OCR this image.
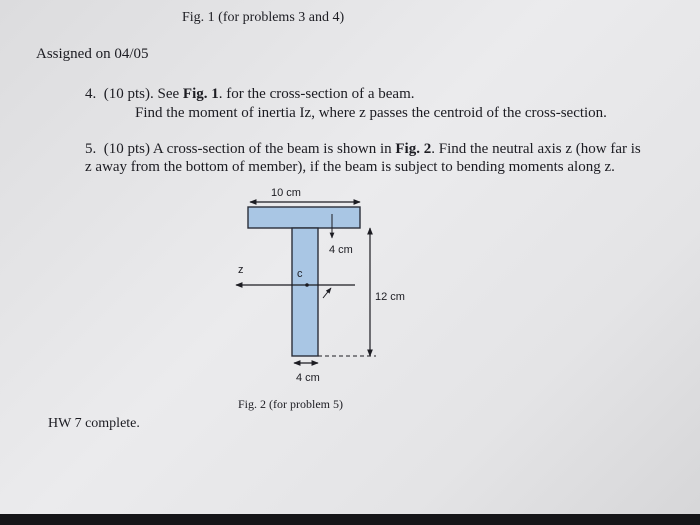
Fig. 1 (for problems 3 and 4)
Assigned on 04/05
4. (10 pts). See Fig. 1. for the cross-section of a beam.
Find the moment of inertia Iz, where z passes the centroid of the cross-section.
5. (10 pts) A cross-section of the beam is shown in Fig. 2. Find the neutral axis z (how far is
z away from the bottom of member), if the beam is subject to bending moments along z.
10 cm
4 cm
12 cm
z	c
4 cm
Fig. 2 (for problem 5)
HW 7 complete.
